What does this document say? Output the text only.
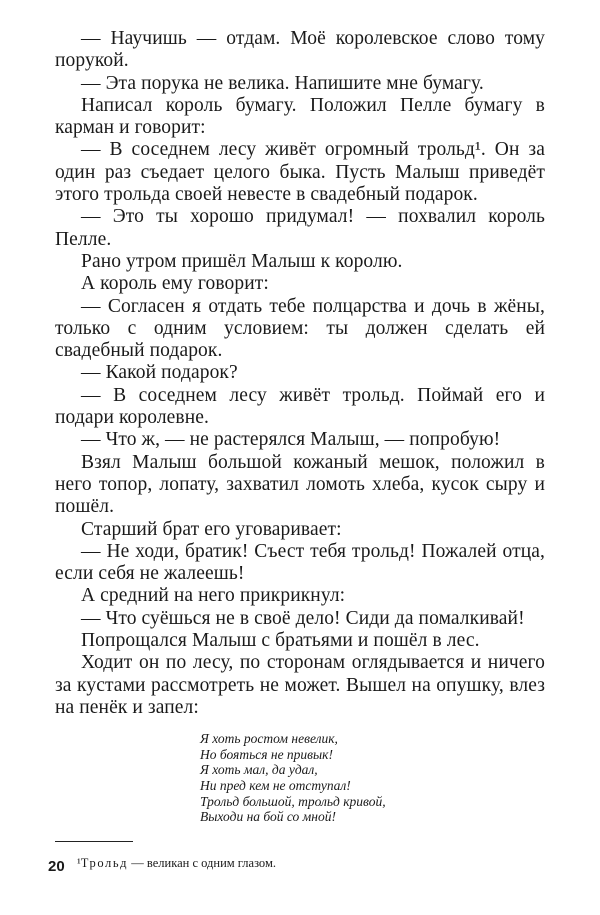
— Научишь — отдам. Моё королевское слово тому порукой.

— Эта порука не велика. Напишите мне бумагу.

Написал король бумагу. Положил Пелле бумагу в карман и говорит:

— В соседнем лесу живёт огромный трольд¹. Он за один раз съедает целого быка. Пусть Малыш приведёт этого трольда своей невесте в свадебный подарок.

— Это ты хорошо придумал! — похвалил король Пелле.

Рано утром пришёл Малыш к королю.

А король ему говорит:

— Согласен я отдать тебе полцарства и дочь в жёны, только с одним условием: ты должен сделать ей свадебный подарок.

— Какой подарок?

— В соседнем лесу живёт трольд. Поймай его и подари королевне.

— Что ж, — не растерялся Малыш, — попробую!

Взял Малыш большой кожаный мешок, положил в него топор, лопату, захватил ломоть хлеба, кусок сыру и пошёл.

Старший брат его уговаривает:

— Не ходи, братик! Съест тебя трольд! Пожалей отца, если себя не жалеешь!

А средний на него прикрикнул:

— Что суёшься не в своё дело! Сиди да помалкивай!

Попрощался Малыш с братьями и пошёл в лес.

Ходит он по лесу, по сторонам оглядывается и ничего за кустами рассмотреть не может. Вышел на опушку, влез на пенёк и запел:

Я хоть ростом невелик,
Но бояться не привык!
Я хоть мал, да удал,
Ни пред кем не отступал!
Трольд большой, трольд кривой,
Выходи на бой со мной!
¹Трольд — великан с одним глазом.
20
